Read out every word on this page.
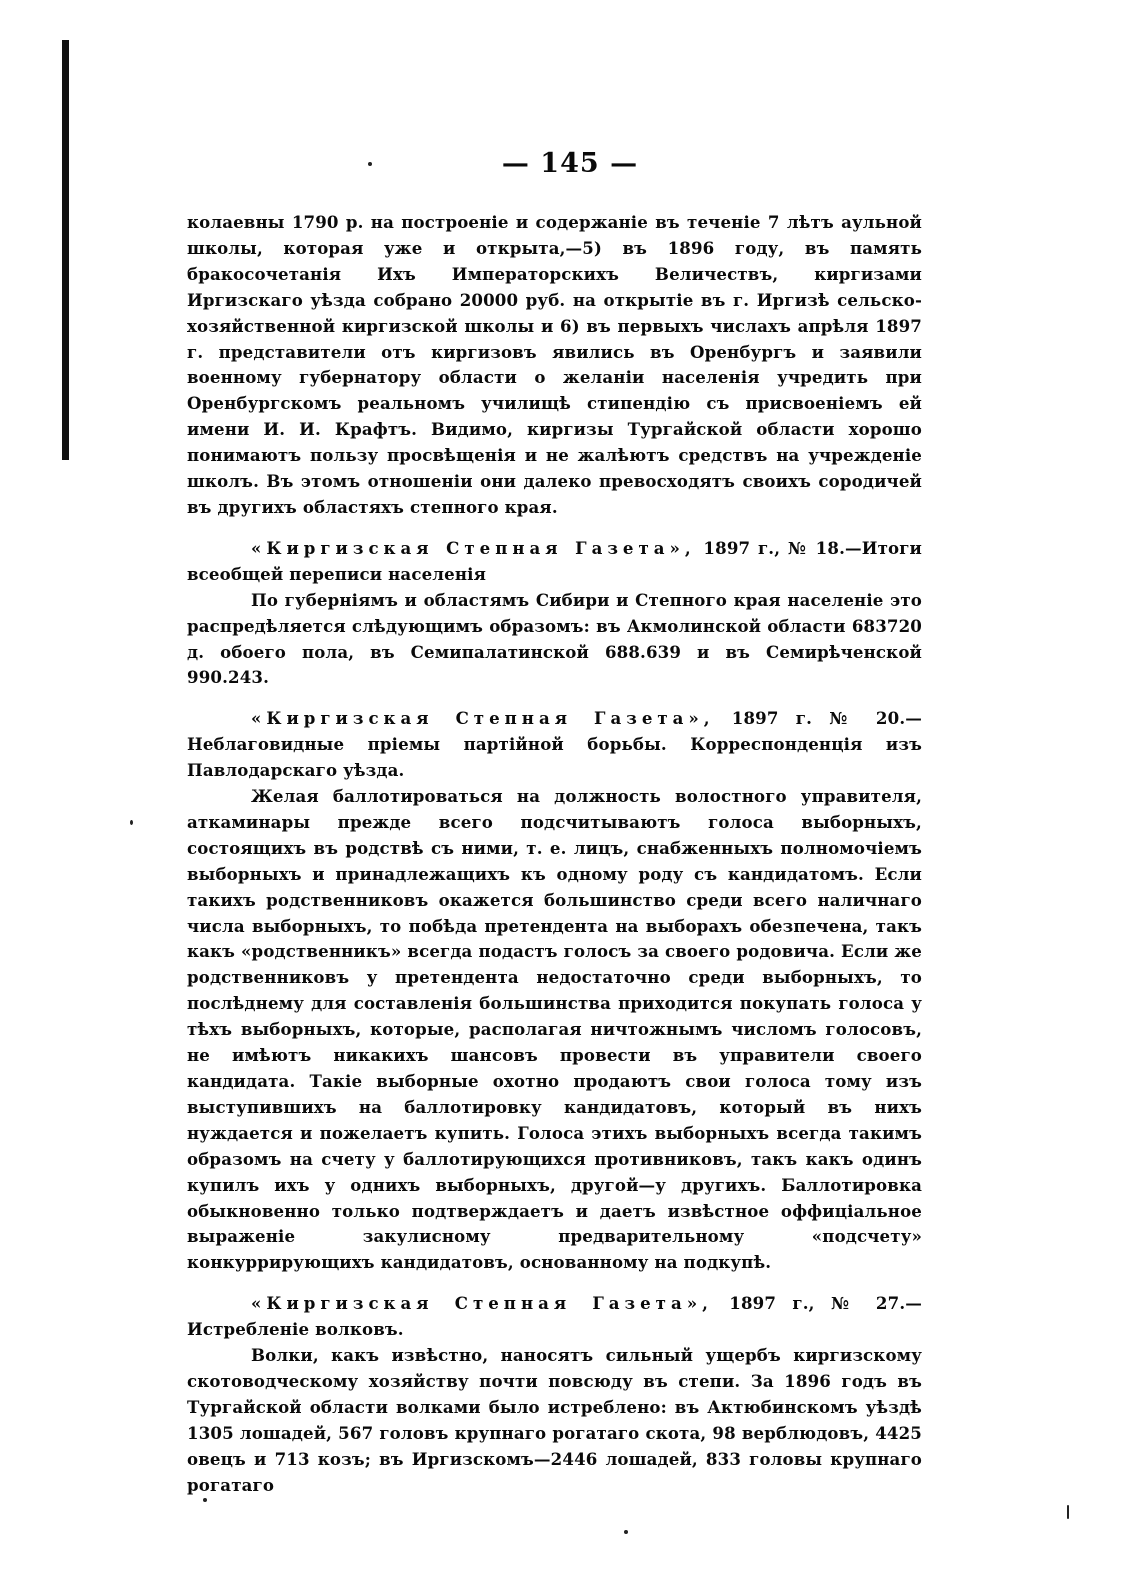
— 145 —

колаевны 1790 р. на построеніе и содержаніе въ теченіе 7 лѣтъ аульной школы, которая уже и открыта,—5) въ 1896 году, въ память бракосочетанія Ихъ Императорскихъ Величествъ, киргизами Иргизскаго уѣзда собрано 20000 руб. на открытіе въ г. Иргизѣ сельско-хозяйственной киргизской школы и 6) въ первыхъ числахъ апрѣля 1897 г. представители отъ киргизовъ явились въ Оренбургъ и заявили военному губернатору области о желаніи населенія учредить при Оренбургскомъ реальномъ училищѣ стипендію съ присвоеніемъ ей имени И. И. Крафтъ. Видимо, киргизы Тургайской области хорошо понимаютъ пользу просвѣщенія и не жалѣютъ средствъ на учрежденіе школъ. Въ этомъ отношеніи они далеко превосходятъ своихъ сородичей въ другихъ областяхъ степного края.

«Киргизская Степная Газета», 1897 г., № 18.—Итоги всеобщей переписи населенія

По губерніямъ и областямъ Сибири и Степного края населеніе это распредѣляется слѣдующимъ образомъ: въ Акмолинской области 683720 д. обоего пола, въ Семипалатинской 688.639 и въ Семирѣченской 990.243.

«Киргизская Степная Газета», 1897 г. № 20.—Неблаговидные пріемы партійной борьбы. Корреспонденція изъ Павлодарскаго уѣзда.

Желая баллотироваться на должность волостного управителя, аткаминары прежде всего подсчитываютъ голоса выборныхъ, состоящихъ въ родствѣ съ ними, т. е. лицъ, снабженныхъ полномочіемъ выборныхъ и принадлежащихъ къ одному роду съ кандидатомъ. Если такихъ родственниковъ окажется большинство среди всего наличнаго числа выборныхъ, то побѣда претендента на выборахъ обезпечена, такъ какъ «родственникъ» всегда подастъ голосъ за своего родовича. Если же родственниковъ у претендента недостаточно среди выборныхъ, то послѣднему для составленія большинства приходится покупать голоса у тѣхъ выборныхъ, которые, располагая ничтожнымъ числомъ голосовъ, не имѣютъ никакихъ шансовъ провести въ управители своего кандидата. Такіе выборные охотно продаютъ свои голоса тому изъ выступившихъ на баллотировку кандидатовъ, который въ нихъ нуждается и пожелаетъ купить. Голоса этихъ выборныхъ всегда такимъ образомъ на счету у баллотирующихся противниковъ, такъ какъ одинъ купилъ ихъ у однихъ выборныхъ, другой—у другихъ. Баллотировка обыкновенно только подтверждаетъ и даетъ извѣстное оффиціальное выраженіе закулисному предварительному «подсчету» конкуррирующихъ кандидатовъ, основанному на подкупѣ.

«Киргизская Степная Газета», 1897 г., № 27.—Истребленіе волковъ.

Волки, какъ извѣстно, наносятъ сильный ущербъ киргизскому скотоводческому хозяйству почти повсюду въ степи. За 1896 годъ въ Тургайской области волками было истреблено: въ Актюбинскомъ уѣздѣ 1305 лошадей, 567 головъ крупнаго рогатаго скота, 98 верблюдовъ, 4425 овецъ и 713 козъ; въ Иргизскомъ—2446 лошадей, 833 головы крупнаго рогатаго
